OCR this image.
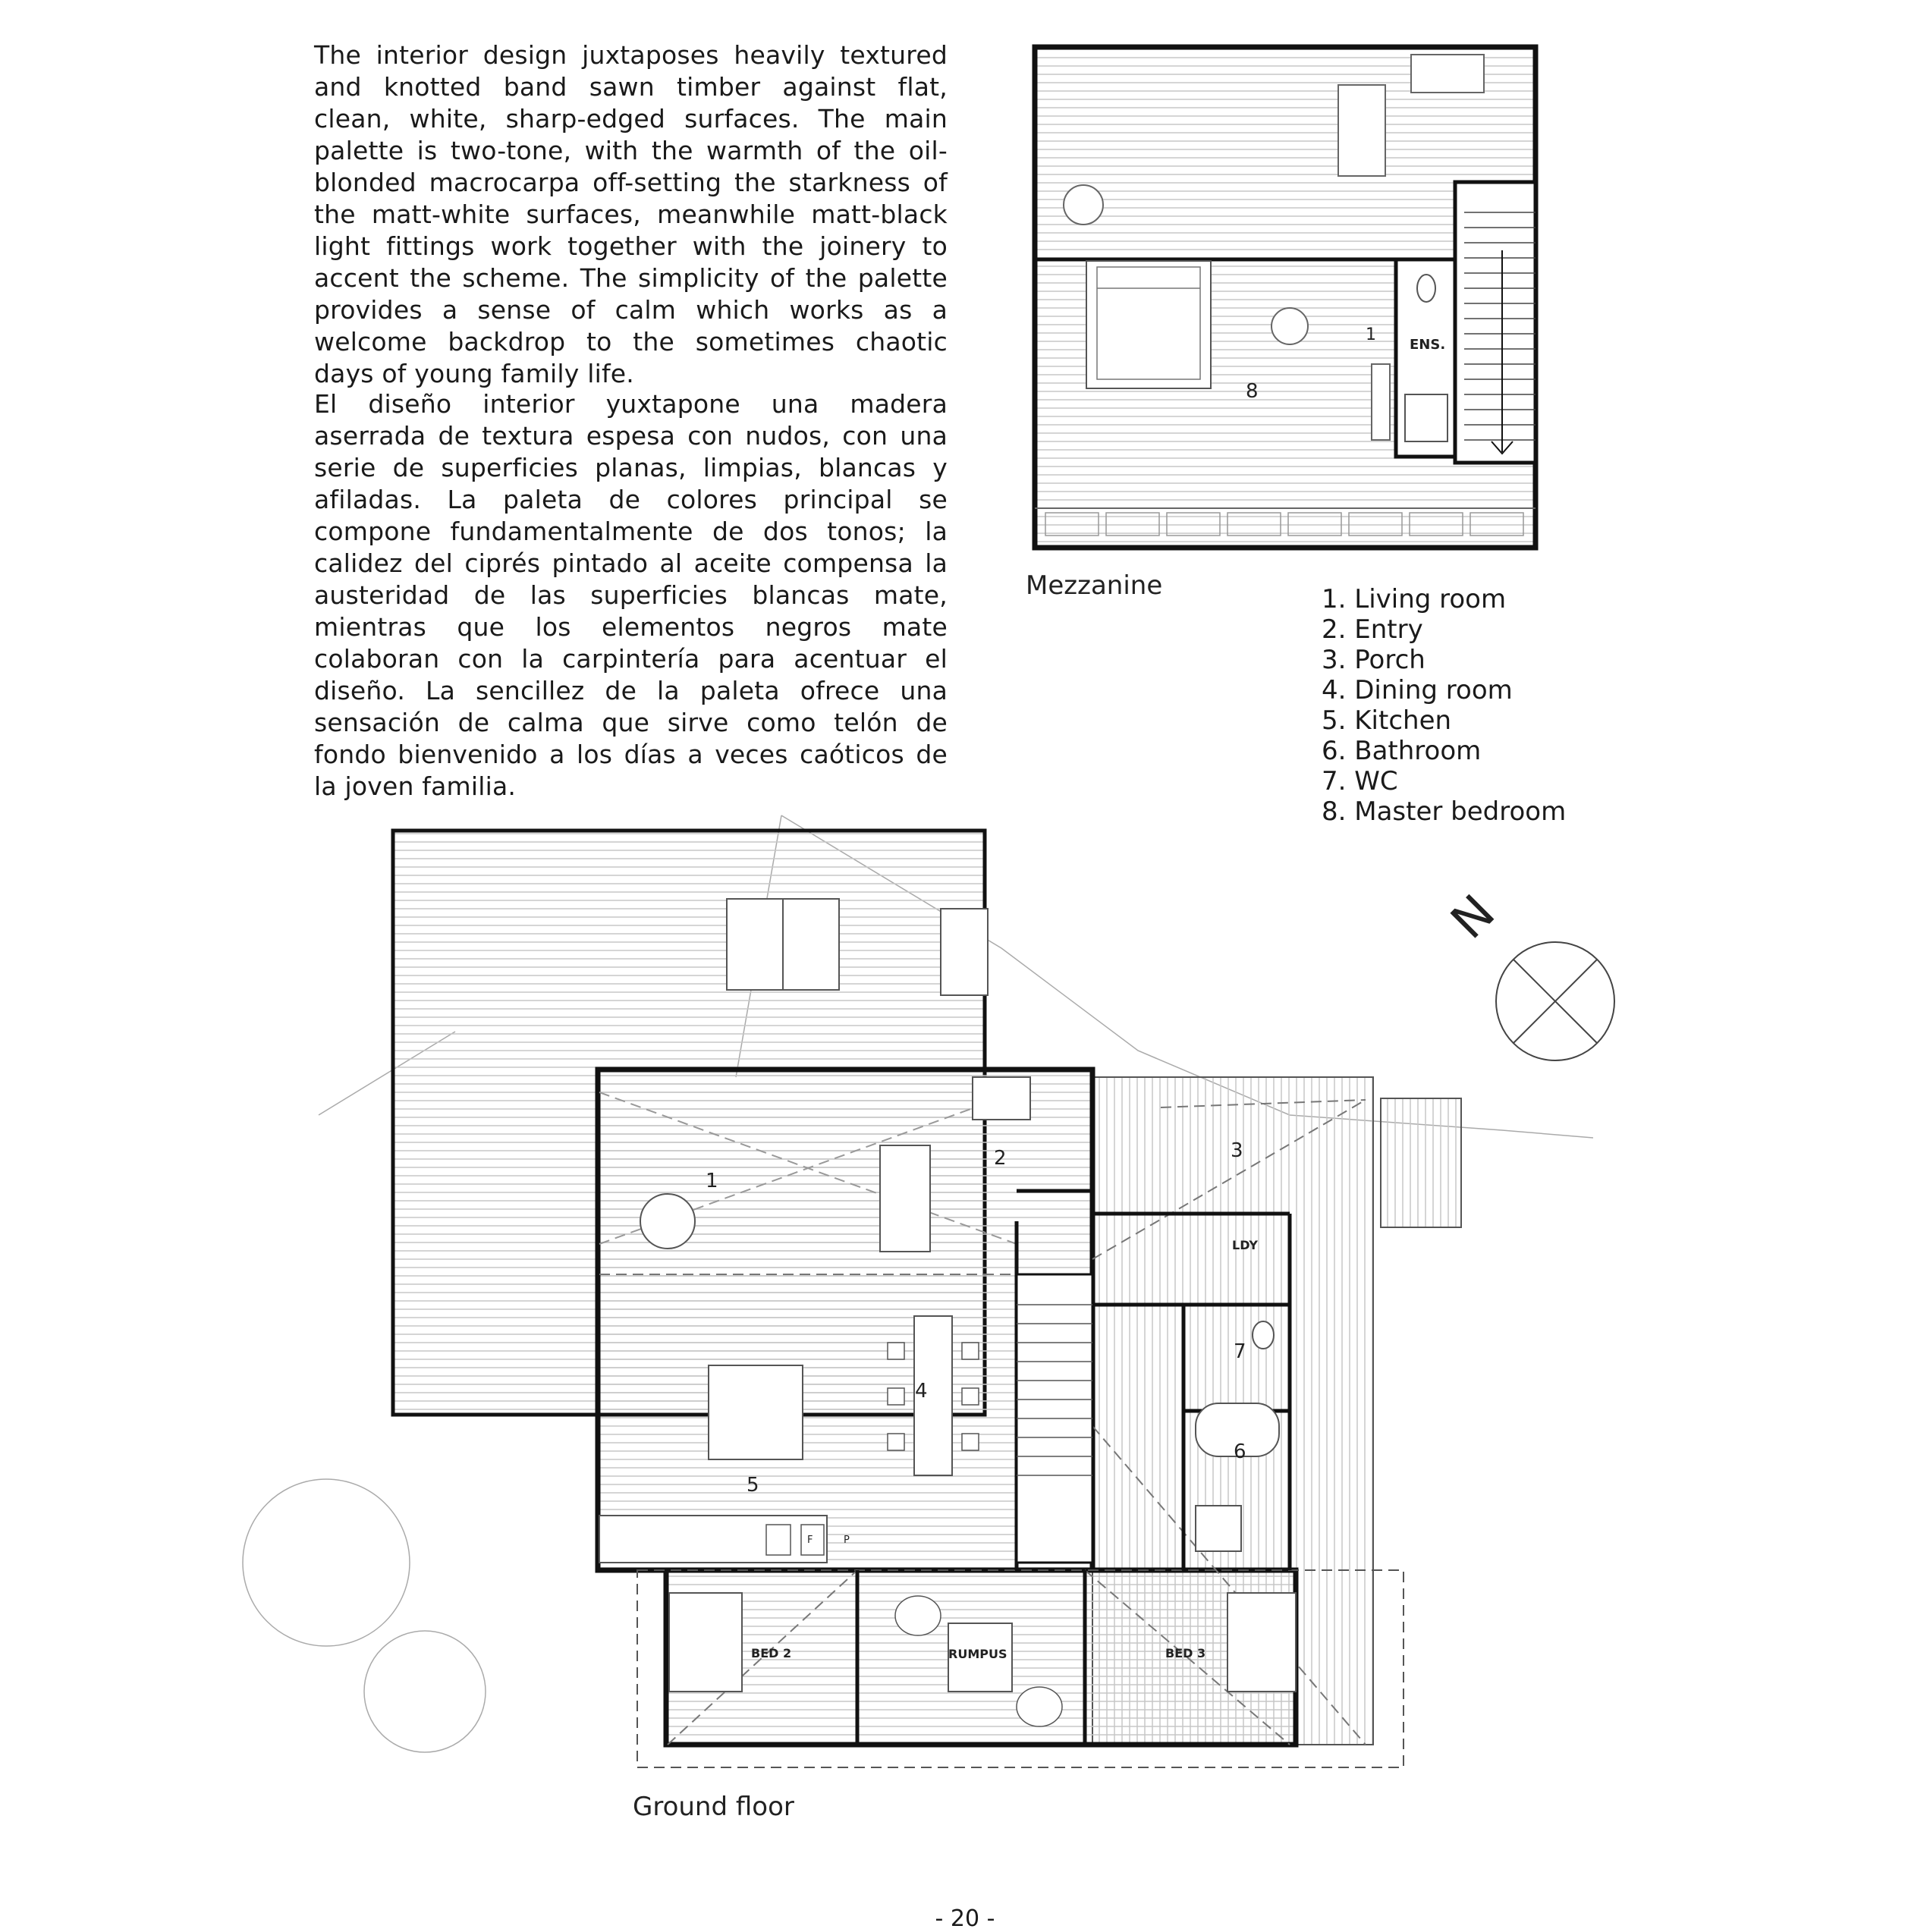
The interior design juxtaposes heavily textured and knotted band sawn timber against flat, clean, white, sharp-edged surfaces. The main palette is two-tone, with the warmth of the oil-blonded macrocarpa off-setting the starkness of the matt-white surfaces, meanwhile matt-black light fittings work together with the joinery to accent the scheme. The simplicity of the palette provides a sense of calm which works as a welcome backdrop to the sometimes chaotic days of young family life.
El diseño interior yuxtapone una madera aserrada de textura espesa con nudos, con una serie de superficies planas, limpias, blancas y afiladas. La paleta de colores principal se compone fundamentalmente de dos tonos; la calidez del ciprés pintado al aceite compensa la austeridad de las superficies blancas mate, mientras que los elementos negros mate colaboran con la carpintería para acentuar el diseño. La sencillez de la paleta ofrece una sensación de calma que sirve como telón de fondo bienvenido a los días a veces caóticos de la joven familia.
ENS.
8
1
1
2	3
4
5
6
7
LDY
RUMPUS
BED 2	BED 3
F	P
N
Mezzanine
Ground floor
1. Living room
2. Entry
3. Porch
4. Dining room
5. Kitchen
6. Bathroom
7. WC
8. Master bedroom
- 20 -
